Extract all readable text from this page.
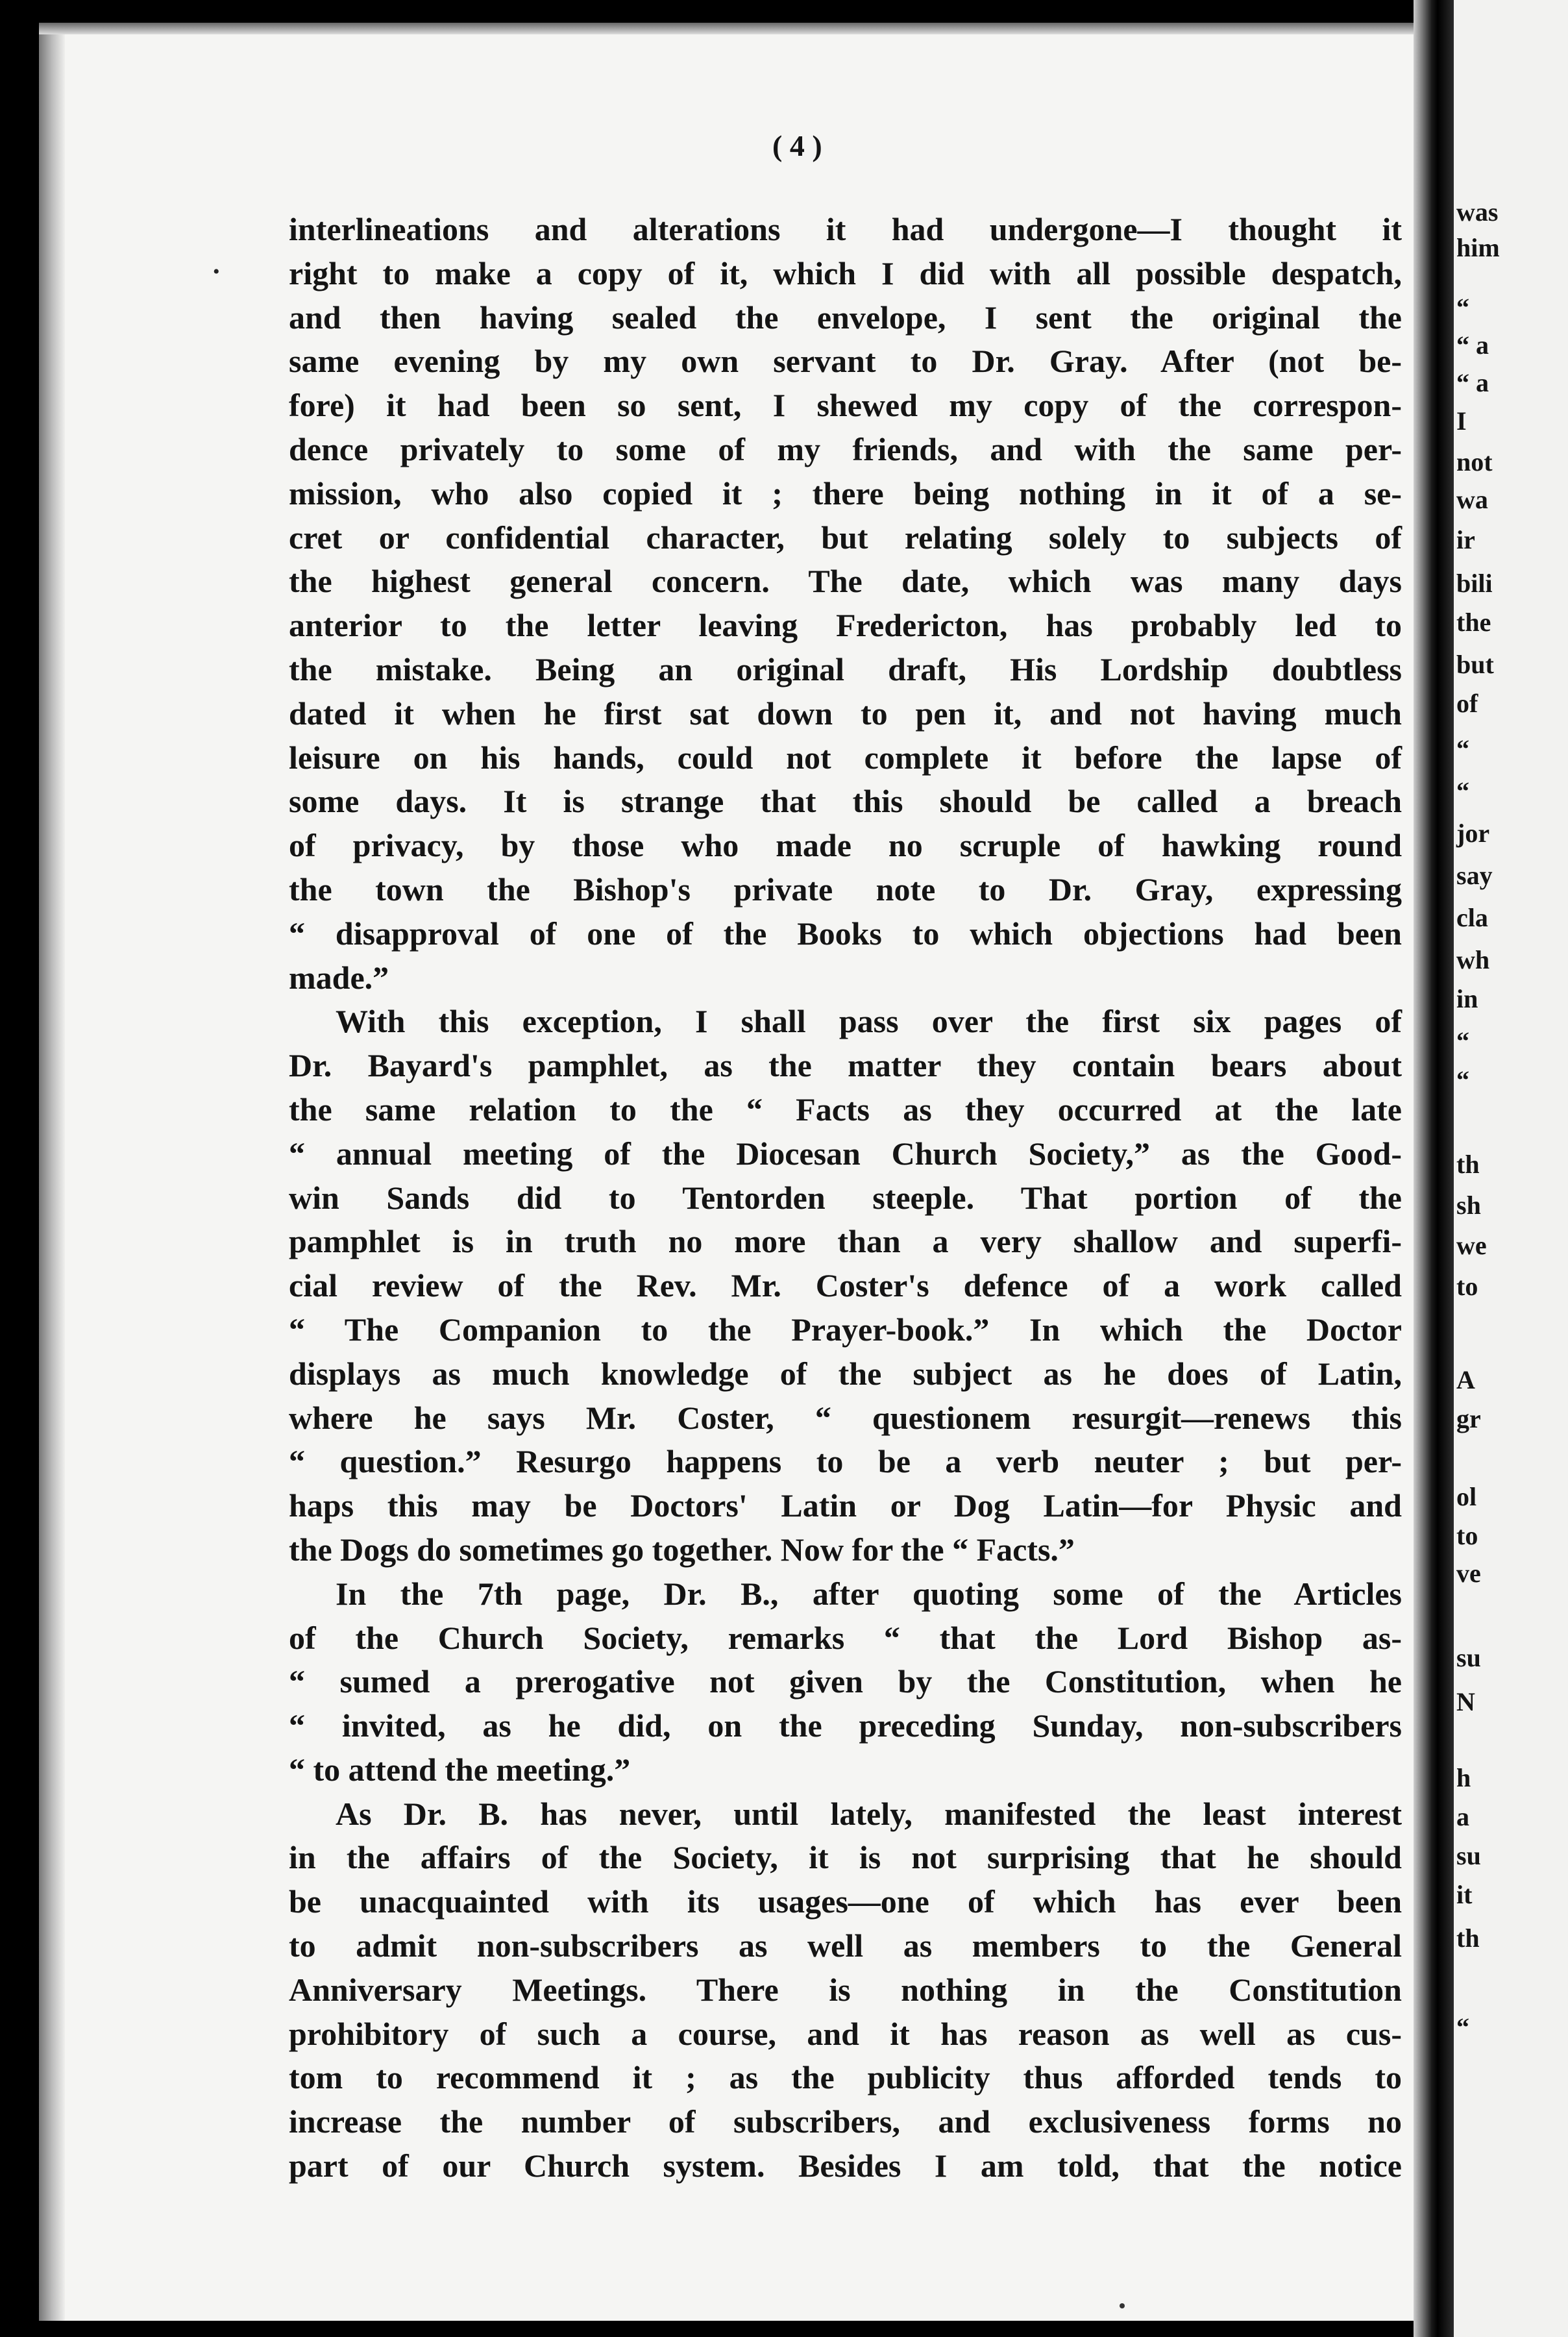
was
him
“
“ a
“ a
I
not
wa
ir
bili
the
but
of
“
“
jor
say
cla
wh
in
“
“
th
sh
we
to
A
gr
ol
to
ve
su
N
h
a
su
it
th
“
( 4 )
•
interlineations and alterations it had undergone—I thought it
right to make a copy of it, which I did with all possible despatch,
and then having sealed the envelope, I sent the original the
same evening by my own servant to Dr. Gray. After (not be-
fore) it had been so sent, I shewed my copy of the correspon-
dence privately to some of my friends, and with the same per-
mission, who also copied it ; there being nothing in it of a se-
cret or confidential character, but relating solely to subjects of
the highest general concern. The date, which was many days
anterior to the letter leaving Fredericton, has probably led to
the mistake. Being an original draft, His Lordship doubtless
dated it when he first sat down to pen it, and not having much
leisure on his hands, could not complete it before the lapse of
some days. It is strange that this should be called a breach
of privacy, by those who made no scruple of hawking round
the town the Bishop's private note to Dr. Gray, expressing
“ disapproval of one of the Books to which objections had been
made.”
With this exception, I shall pass over the first six pages of
Dr. Bayard's pamphlet, as the matter they contain bears about
the same relation to the “ Facts as they occurred at the late
“ annual meeting of the Diocesan Church Society,” as the Good-
win Sands did to Tentorden steeple. That portion of the
pamphlet is in truth no more than a very shallow and superfi-
cial review of the Rev. Mr. Coster's defence of a work called
“ The Companion to the Prayer-book.” In which the Doctor
displays as much knowledge of the subject as he does of Latin,
where he says Mr. Coster, “ questionem resurgit—renews this
“ question.” Resurgo happens to be a verb neuter ; but per-
haps this may be Doctors' Latin or Dog Latin—for Physic and
the Dogs do sometimes go together. Now for the “ Facts.”
In the 7th page, Dr. B., after quoting some of the Articles
of the Church Society, remarks “ that the Lord Bishop as-
“ sumed a prerogative not given by the Constitution, when he
“ invited, as he did, on the preceding Sunday, non-subscribers
“ to attend the meeting.”
As Dr. B. has never, until lately, manifested the least interest
in the affairs of the Society, it is not surprising that he should
be unacquainted with its usages—one of which has ever been
to admit non-subscribers as well as members to the General
Anniversary Meetings. There is nothing in the Constitution
prohibitory of such a course, and it has reason as well as cus-
tom to recommend it ; as the publicity thus afforded tends to
increase the number of subscribers, and exclusiveness forms no
part of our Church system. Besides I am told, that the notice
